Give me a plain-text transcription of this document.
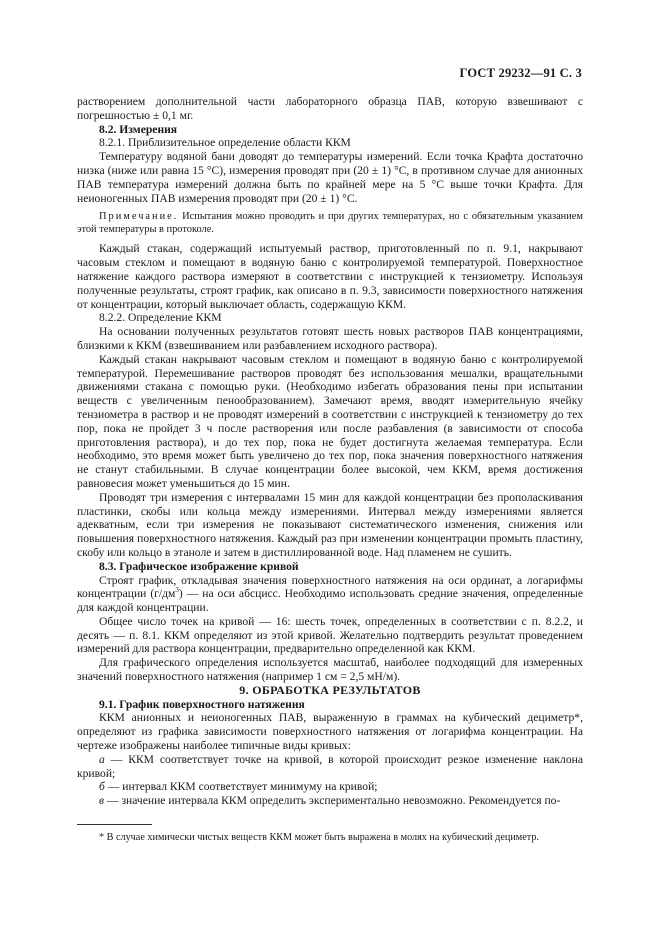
ГОСТ 29232—91 С. 3

растворением дополнительной части лабораторного образца ПАВ, которую взвешивают с погрешностью ± 0,1 мг.

8.2. Измерения

8.2.1. Приблизительное определение области ККМ

Температуру водяной бани доводят до температуры измерений. Если точка Крафта достаточно низка (ниже или равна 15 °С), измерения проводят при (20 ± 1) °С, в противном случае для анионных ПАВ температура измерений должна быть по крайней мере на 5 °С выше точки Крафта. Для неионогенных ПАВ измерения проводят при (20 ± 1) °С.

Примечание. Испытания можно проводить и при других температурах, но с обязательным указанием этой температуры в протоколе.

Каждый стакан, содержащий испытуемый раствор, приготовленный по п. 9.1, накрывают часовым стеклом и помещают в водяную баню с контролируемой температурой. Поверхностное натяжение каждого раствора измеряют в соответствии с инструкцией к тензиометру. Используя полученные результаты, строят график, как описано в п. 9.3, зависимости поверхностного натяжения от концентрации, который выключает область, содержащую ККМ.

8.2.2. Определение ККМ

На основании полученных результатов готовят шесть новых растворов ПАВ концентрациями, близкими к ККМ (взвешиванием или разбавлением исходного раствора).

Каждый стакан накрывают часовым стеклом и помещают в водяную баню с контролируемой температурой. Перемешивание растворов проводят без использования мешалки, вращательными движениями стакана с помощью руки. (Необходимо избегать образования пены при испытании веществ с увеличенным пенообразованием). Замечают время, вводят измерительную ячейку тензиометра в раствор и не проводят измерений в соответствии с инструкцией к тензиометру до тех пор, пока не пройдет 3 ч после растворения или после разбавления (в зависимости от способа приготовления раствора), и до тех пор, пока не будет достигнута желаемая температура. Если необходимо, это время может быть увеличено до тех пор, пока значения поверхностного натяжения не станут стабильными. В случае концентрации более высокой, чем ККМ, время достижения равновесия может уменьшиться до 15 мин.

Проводят три измерения с интервалами 15 мин для каждой концентрации без прополаскивания пластинки, скобы или кольца между измерениями. Интервал между измерениями является адекватным, если три измерения не показывают систематического изменения, снижения или повышения поверхностного натяжения. Каждый раз при изменении концентрации промыть пластину, скобу или кольцо в этаноле и затем в дистиллированной воде. Над пламенем не сушить.

8.3. Графическое изображение кривой

Строят график, откладывая значения поверхностного натяжения на оси ординат, а логарифмы концентрации $(г/дм^3)$ — на оси абсцисс. Необходимо использовать средние значения, определенные для каждой концентрации.

Общее число точек на кривой — 16: шесть точек, определенных в соответствии с п. 8.2.2, и десять — п. 8.1. ККМ определяют из этой кривой. Желательно подтвердить результат проведением измерений для раствора концентрации, предварительно определенной как ККМ.

Для графического определения используется масштаб, наиболее подходящий для измеренных значений поверхностного натяжения (например 1 см = 2,5 мН/м).

9. ОБРАБОТКА РЕЗУЛЬТАТОВ

9.1. График поверхностного натяжения

ККМ анионных и неионогенных ПАВ, выраженную в граммах на кубический дециметр*, определяют из графика зависимости поверхностного натяжения от логарифма концентрации. На чертеже изображены наиболее типичные виды кривых:

а — ККМ соответствует точке на кривой, в которой происходит резкое изменение наклона кривой;

б — интервал ККМ соответствует минимуму на кривой;

в — значение интервала ККМ определить экспериментально невозможно. Рекомендуется по-

* В случае химически чистых веществ ККМ может быть выражена в молях на кубический дециметр.
